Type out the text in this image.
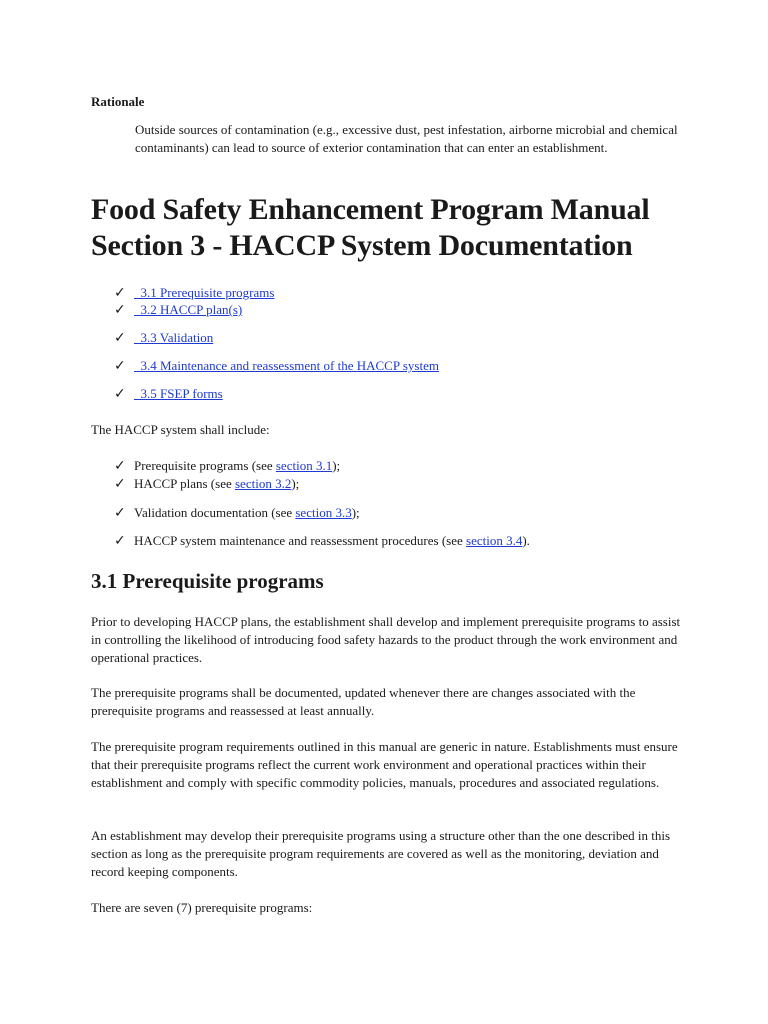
Rationale

Outside sources of contamination (e.g., excessive dust, pest infestation, airborne microbial and chemical contaminants) can lead to source of exterior contamination that can enter an establishment.

Food Safety Enhancement Program Manual
Section 3 - HACCP System Documentation
✓  3.1 Prerequisite programs
✓  3.2 HACCP plan(s)
✓  3.3 Validation
✓  3.4 Maintenance and reassessment of the HACCP system
✓  3.5 FSEP forms

The HACCP system shall include:

✓ Prerequisite programs (see section 3.1);
✓ HACCP plans (see section 3.2);
✓ Validation documentation (see section 3.3);
✓ HACCP system maintenance and reassessment procedures (see section 3.4).
3.1 Prerequisite programs

Prior to developing HACCP plans, the establishment shall develop and implement prerequisite programs to assist in controlling the likelihood of introducing food safety hazards to the product through the work environment and operational practices.

The prerequisite programs shall be documented, updated whenever there are changes associated with the prerequisite programs and reassessed at least annually.

The prerequisite program requirements outlined in this manual are generic in nature. Establishments must ensure that their prerequisite programs reflect the current work environment and operational practices within their establishment and comply with specific commodity policies, manuals, procedures and associated regulations.

An establishment may develop their prerequisite programs using a structure other than the one described in this section as long as the prerequisite program requirements are covered as well as the monitoring, deviation and record keeping components.

There are seven (7) prerequisite programs:
